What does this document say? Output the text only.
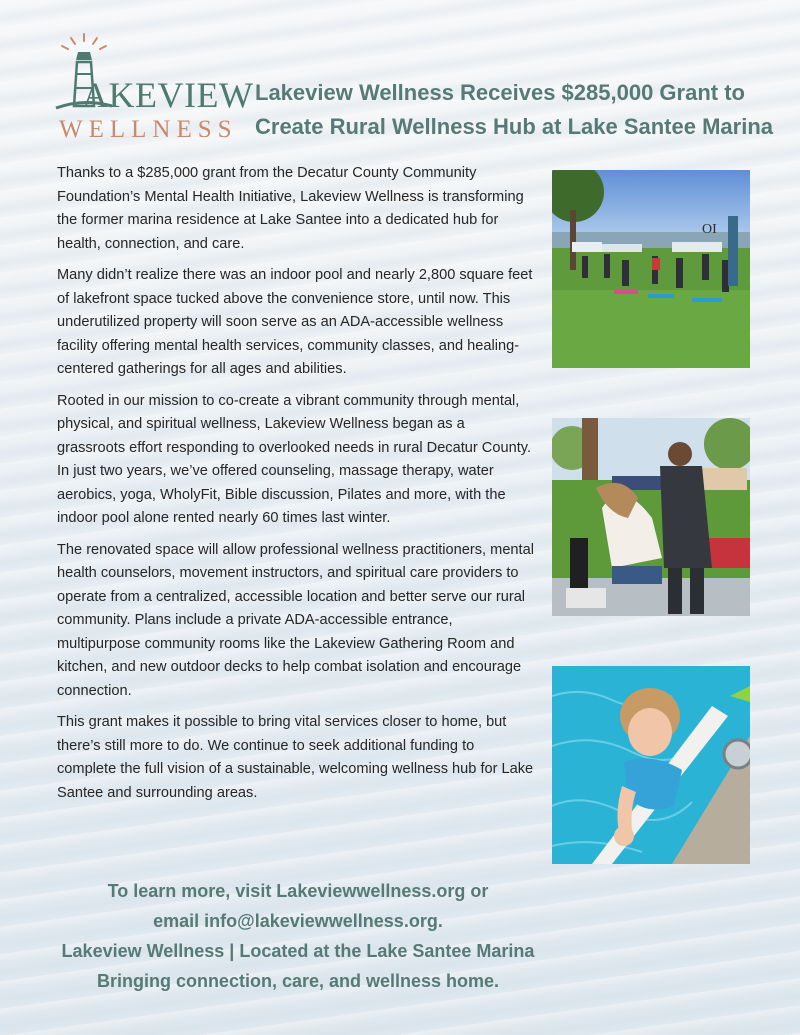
AKEVIEW

WELLNESS

Lakeview Wellness Receives $285,000 Grant to
Create Rural Wellness Hub at Lake Santee Marina

Thanks to a $285,000 grant from the Decatur County Community Foundation’s Mental Health Initiative, Lakeview Wellness is transforming the former marina residence at Lake Santee into a dedicated hub for health, connection, and care.

Many didn’t realize there was an indoor pool and nearly 2,800 square feet of lakefront space tucked above the convenience store, until now. This underutilized property will soon serve as an ADA-accessible wellness facility offering mental health services, community classes, and healing-centered gatherings for all ages and abilities.

Rooted in our mission to co-create a vibrant community through mental, physical, and spiritual wellness, Lakeview Wellness began as a grassroots effort responding to overlooked needs in rural Decatur County. In just two years, we’ve offered counseling, massage therapy, water aerobics, yoga, WholyFit, Bible discussion, Pilates and more, with the indoor pool alone rented nearly 60 times last winter.

The renovated space will allow professional wellness practitioners, mental health counselors, movement instructors, and spiritual care providers to operate from a centralized, accessible location and better serve our rural community. Plans include a private ADA-accessible entrance, multipurpose community rooms like the Lakeview Gathering Room and kitchen, and new outdoor decks to help combat isolation and encourage connection.

This grant makes it possible to bring vital services closer to home, but there’s still more to do. We continue to seek additional funding to complete the full vision of a sustainable, welcoming wellness hub for Lake Santee and surrounding areas.

OI
To learn more, visit Lakeviewwellness.org or
email info@lakeviewwellness.org.
Lakeview Wellness | Located at the Lake Santee Marina
Bringing connection, care, and wellness home.
